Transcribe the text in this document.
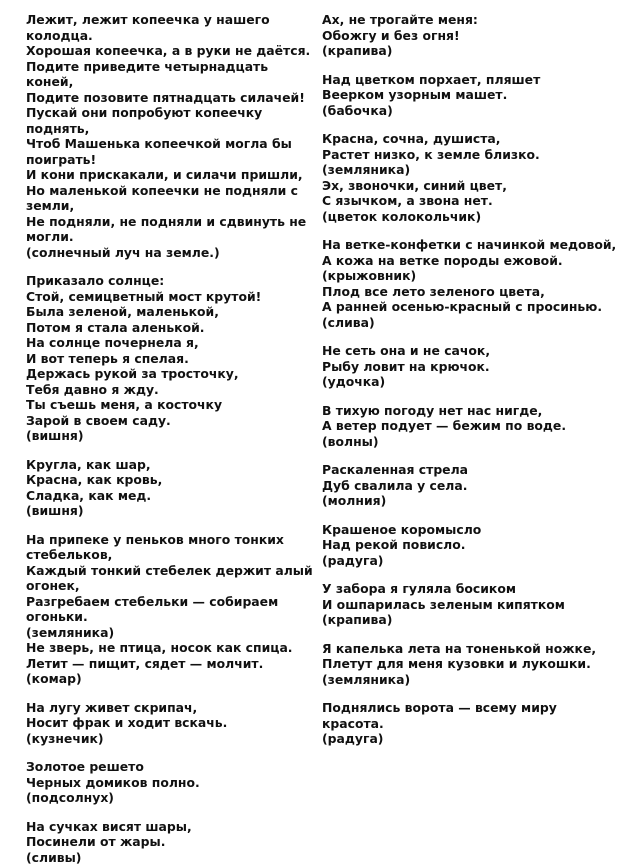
Лежит, лежит копеечка у нашего колодца.
Хорошая копеечка, а в руки не даётся.
Подите приведите четырнадцать коней,
Подите позовите пятнадцать силачей!
Пускай они попробуют копеечку поднять,
Чтоб Машенька копеечкой могла бы поиграть!
И кони прискакали, и силачи пришли,
Но маленькой копеечки не подняли с земли,
Не подняли, не подняли и сдвинуть не могли.
(солнечный луч на земле.)
Приказало солнце:
Стой, семицветный мост крутой!
Была зеленой, маленькой,
Потом я стала аленькой.
На солнце почернела я,
И вот теперь я спелая.
Держась рукой за тросточку,
Тебя давно я жду.
Ты съешь меня, а косточку
Зарой в своем саду.
(вишня)
Кругла, как шар,
Красна, как кровь,
Сладка, как мед.
(вишня)
На припеке у пеньков много тонких стебельков,
Каждый тонкий стебелек держит алый огонек,
Разгребаем стебельки — собираем огоньки.
(земляника)
Не зверь, не птица, носок как спица.
Летит — пищит, сядет — молчит.
(комар)
На лугу живет скрипач,
Носит фрак и ходит вскачь.
(кузнечик)
Золотое решето
Черных домиков полно.
(подсолнух)
На сучках висят шары,
Посинели от жары.
(сливы)
Ах, не трогайте меня:
Обожгу и без огня!
(крапива)
Над цветком порхает, пляшет
Веерком узорным машет.
(бабочка)
Красна, сочна, душиста,
Растет низко, к земле близко.
(земляника)
Эх, звоночки, синий цвет,
С язычком, а звона нет.
(цветок колокольчик)
На ветке-конфетки с начинкой медовой,
А кожа на ветке породы ежовой.
(крыжовник)
Плод все лето зеленого цвета,
А ранней осенью-красный с просинью.
(слива)
Не сеть она и не сачок,
Рыбу ловит на крючок.
(удочка)
В тихую погоду нет нас нигде,
А ветер подует — бежим по воде.
(волны)
Раскаленная стрела
Дуб свалила у села.
(молния)
Крашеное коромысло
Над рекой повисло.
(радуга)
У забора я гуляла босиком
И ошпарилась зеленым кипятком
(крапива)
Я капелька лета на тоненькой ножке,
Плетут для меня кузовки и лукошки.
(земляника)
Поднялись ворота — всему миру красота.
(радуга)
